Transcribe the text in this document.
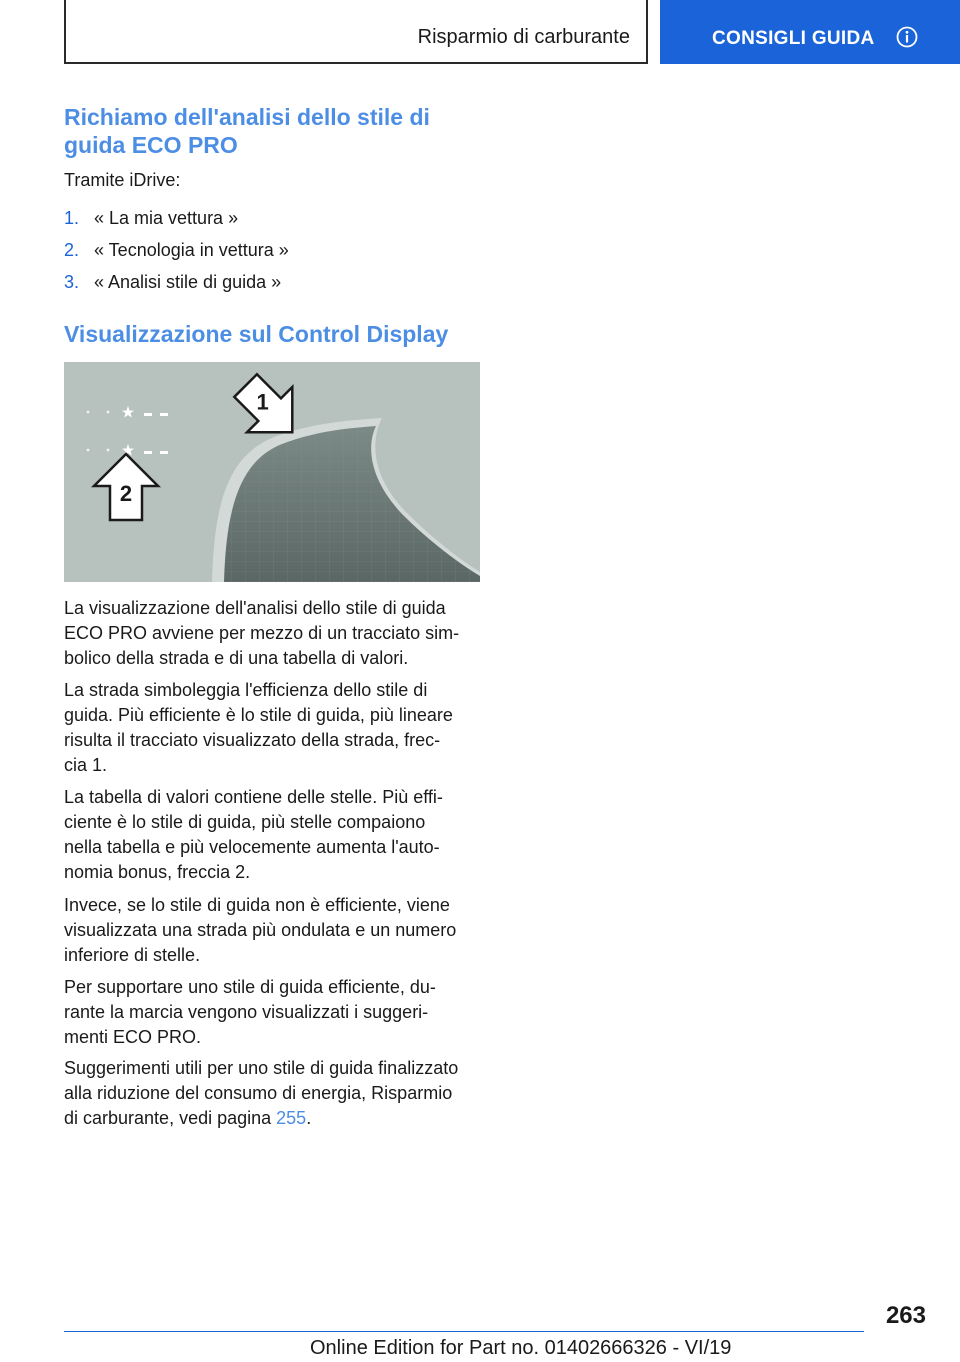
Risparmio di carburante	CONSIGLI GUIDA
Richiamo dell'analisi dello stile di
guida ECO PRO

Tramite iDrive:

1. « La mia vettura »
2. « Tecnologia in vettura »
3. « Analisi stile di guida »
Visualizzazione sul Control Display
2
1

La visualizzazione dell'analisi dello stile di guida
ECO PRO avviene per mezzo di un tracciato sim-
bolico della strada e di una tabella di valori.

La strada simboleggia l'efficienza dello stile di
guida. Più efficiente è lo stile di guida, più lineare
risulta il tracciato visualizzato della strada, frec-
cia 1.

La tabella di valori contiene delle stelle. Più effi-
ciente è lo stile di guida, più stelle compaiono
nella tabella e più velocemente aumenta l'auto-
nomia bonus, freccia 2.

Invece, se lo stile di guida non è efficiente, viene
visualizzata una strada più ondulata e un numero
inferiore di stelle.

Per supportare uno stile di guida efficiente, du-
rante la marcia vengono visualizzati i suggeri-
menti ECO PRO.

Suggerimenti utili per uno stile di guida finalizzato
alla riduzione del consumo di energia, Risparmio
di carburante, vedi pagina 255.

263
Online Edition for Part no. 01402666326 - VI/19
